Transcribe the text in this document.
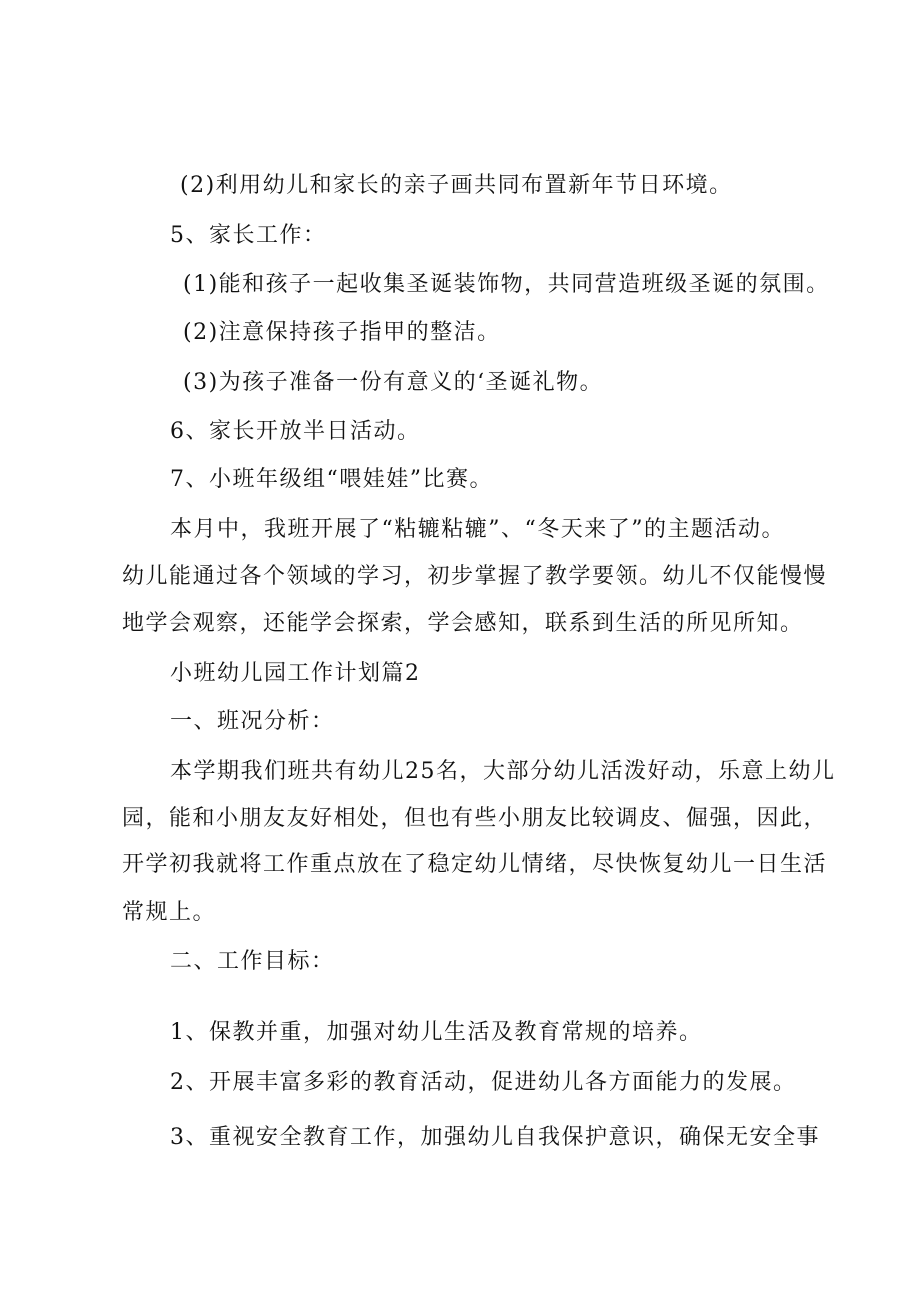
(2)利用幼儿和家长的亲子画共同布置新年节日环境。

5、家长工作：

(1)能和孩子一起收集圣诞装饰物，共同营造班级圣诞的氛围。

(2)注意保持孩子指甲的整洁。

(3)为孩子准备一份有意义的‘圣诞礼物。

6、家长开放半日活动。

7、小班年级组“喂娃娃”比赛。

本月中，我班开展了“粘辘粘辘”、“冬天来了”的主题活动。

幼儿能通过各个领域的学习，初步掌握了教学要领。幼儿不仅能慢慢

地学会观察，还能学会探索，学会感知，联系到生活的所见所知。

小班幼儿园工作计划篇2

一、班况分析：

本学期我们班共有幼儿25名，大部分幼儿活泼好动，乐意上幼儿

园，能和小朋友友好相处，但也有些小朋友比较调皮、倔强，因此，

开学初我就将工作重点放在了稳定幼儿情绪，尽快恢复幼儿一日生活

常规上。

二、工作目标：

1、保教并重，加强对幼儿生活及教育常规的培养。

2、开展丰富多彩的教育活动，促进幼儿各方面能力的发展。

3、重视安全教育工作，加强幼儿自我保护意识，确保无安全事
